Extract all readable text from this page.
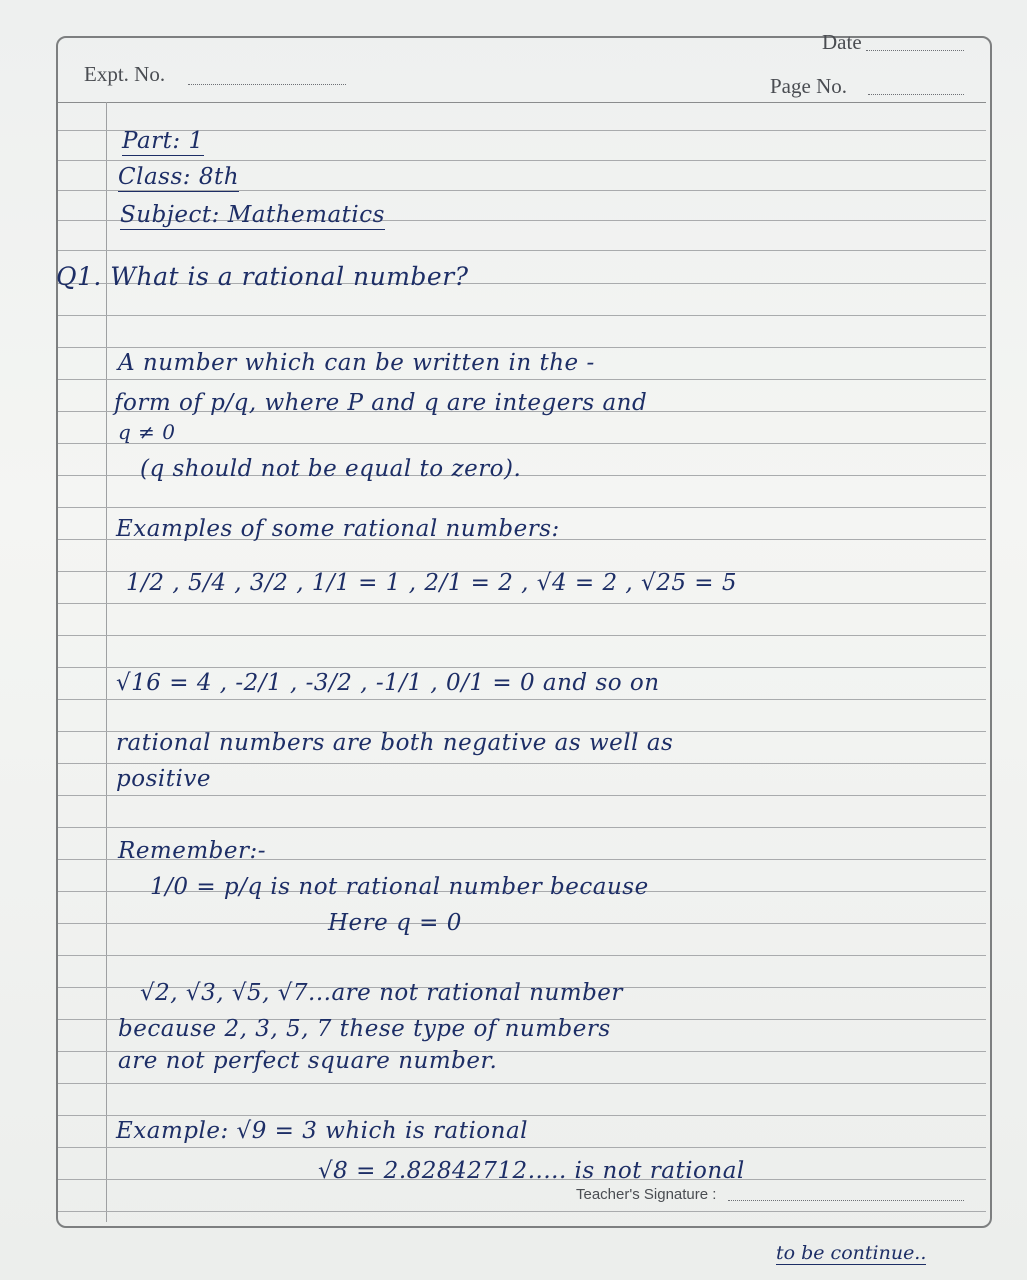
Date
Expt. No.	Page No.
Part: 1
Class: 8th
Subject: Mathematics
Q1. What is a rational number?
A number which can be written in the -
form of p/q, where P and q are integers and
q ≠ 0
(q should not be equal to zero).
Examples of some rational numbers:
1/2 , 5/4 , 3/2 , 1/1 = 1 , 2/1 = 2 , √4 = 2 , √25 = 5
√16 = 4 , -2/1 , -3/2 , -1/1 , 0/1 = 0 and so on
rational numbers are both negative as well as
positive
Remember:-
1/0 = p/q is not rational number because
Here q = 0
√2, √3, √5, √7...are not rational number
because 2, 3, 5, 7 these type of numbers
are not perfect square number.
Example: √9 = 3 which is rational
√8 = 2.82842712..... is not rational
Teacher's Signature :
to be continue..
